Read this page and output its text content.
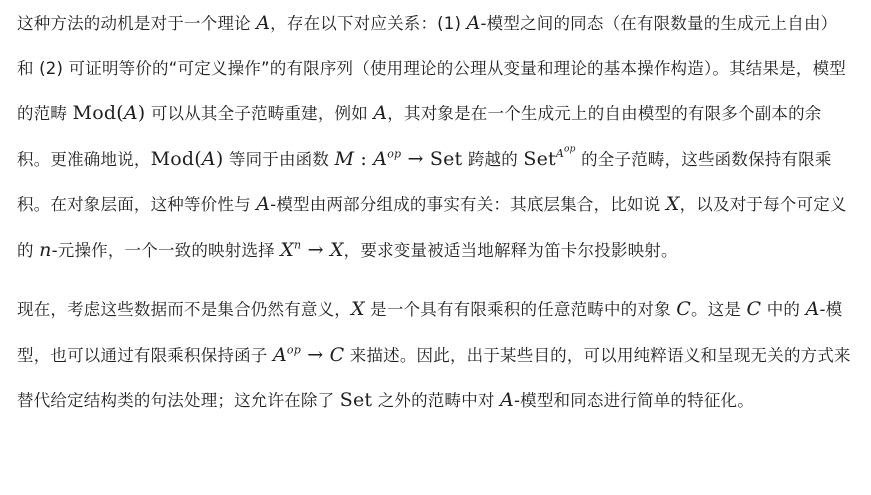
这种方法的动机是对于一个理论 A，存在以下对应关系：(1) A-模型之间的同态（在有限数量的生成元上自由）和 (2) 可证明等价的“可定义操作”的有限序列（使用理论的公理从变量和理论的基本操作构造）。其结果是，模型的范畴 Mod(A) 可以从其全子范畴重建，例如 A，其对象是在一个生成元上的自由模型的有限多个副本的余积。更准确地说，Mod(A) 等同于由函数 M : $A^{op}$ → Set 跨越的 Set$^{A^{op}}$ 的全子范畴，这些函数保持有限乘积。在对象层面，这种等价性与 A-模型由两部分组成的事实有关：其底层集合，比如说 X，以及对于每个可定义的 n-元操作，一个一致的映射选择 $X^n \to X$，要求变量被适当地解释为笛卡尔投影映射。

现在，考虑这些数据而不是集合仍然有意义，X 是一个具有有限乘积的任意范畴中的对象 C。这是 C 中的 A-模型，也可以通过有限乘积保持函子 $A^{op} \to C$ 来描述。因此，出于某些目的，可以用纯粹语义和呈现无关的方式来替代给定结构类的句法处理；这允许在除了 Set 之外的范畴中对 A-模型和同态进行简单的特征化。
